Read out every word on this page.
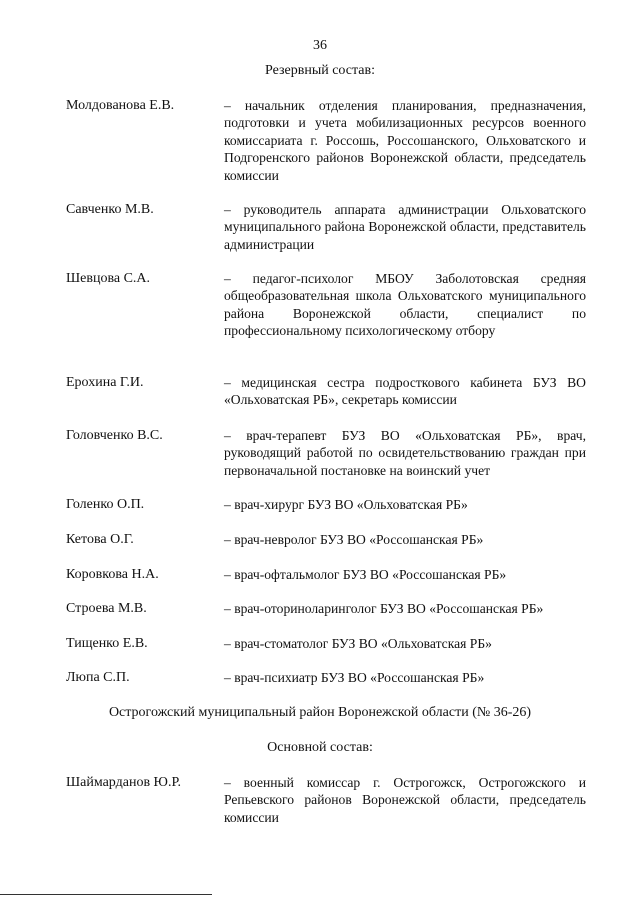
36
Резервный состав:
Молдованова Е.В.	– начальник отделения планирования, предназначения, подготовки и учета мобилизационных ресурсов военного комиссариата г. Россошь, Россошанского, Ольховатского и Подгоренского районов Воронежской области, председатель комиссии
Савченко М.В.	– руководитель аппарата администрации Ольховатского муниципального района Воронежской области, представитель администрации
Шевцова С.А.	– педагог-психолог МБОУ Заболотовская средняя общеобразовательная школа Ольховатского муниципального района Воронежской области, специалист по профессиональному психологическому отбору
Ерохина Г.И.	– медицинская сестра подросткового кабинета БУЗ ВО «Ольховатская РБ», секретарь комиссии
Головченко В.С.	– врач-терапевт БУЗ ВО «Ольховатская РБ», врач, руководящий работой по освидетельствованию граждан при первоначальной постановке на воинский учет
Голенко О.П.	– врач-хирург БУЗ ВО «Ольховатская РБ»
Кетова О.Г.	– врач-невролог БУЗ ВО «Россошанская РБ»
Коровкова Н.А.	– врач-офтальмолог БУЗ ВО «Россошанская РБ»
Строева М.В.	– врач-оториноларинголог БУЗ ВО «Россошанская РБ»
Тищенко Е.В.	– врач-стоматолог БУЗ ВО «Ольховатская РБ»
Люпа С.П.	– врач-психиатр БУЗ ВО «Россошанская РБ»
Острогожский муниципальный район Воронежской области (№ 36-26)
Основной состав:
Шаймарданов Ю.Р.	– военный комиссар г. Острогожск, Острогожского и Репьевского районов Воронежской области, председатель комиссии
